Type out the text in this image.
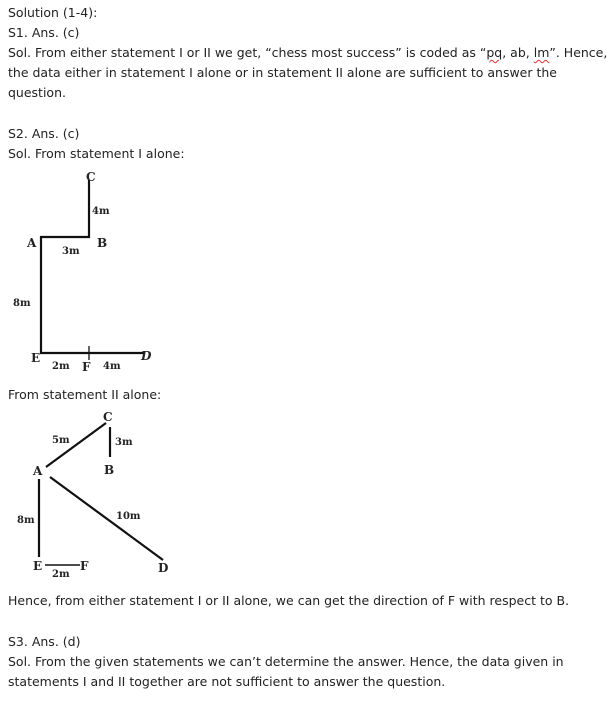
Solution (1-4):
S1. Ans. (c)
Sol. From either statement I or II we get, “chess most success” is coded as “pq, ab, lm”. Hence,
the data either in statement I alone or in statement II alone are sufficient to answer the
question.
S2. Ans. (c)
Sol. From statement I alone:
C
4m
A	B
3m
8m
E
2m F 4m
D
From statement II alone:
C
5m	3m
A	B
10m
8m
E	F
2m	D
Hence, from either statement I or II alone, we can get the direction of F with respect to B.
S3. Ans. (d)
Sol. From the given statements we can’t determine the answer. Hence, the data given in
statements I and II together are not sufficient to answer the question.
